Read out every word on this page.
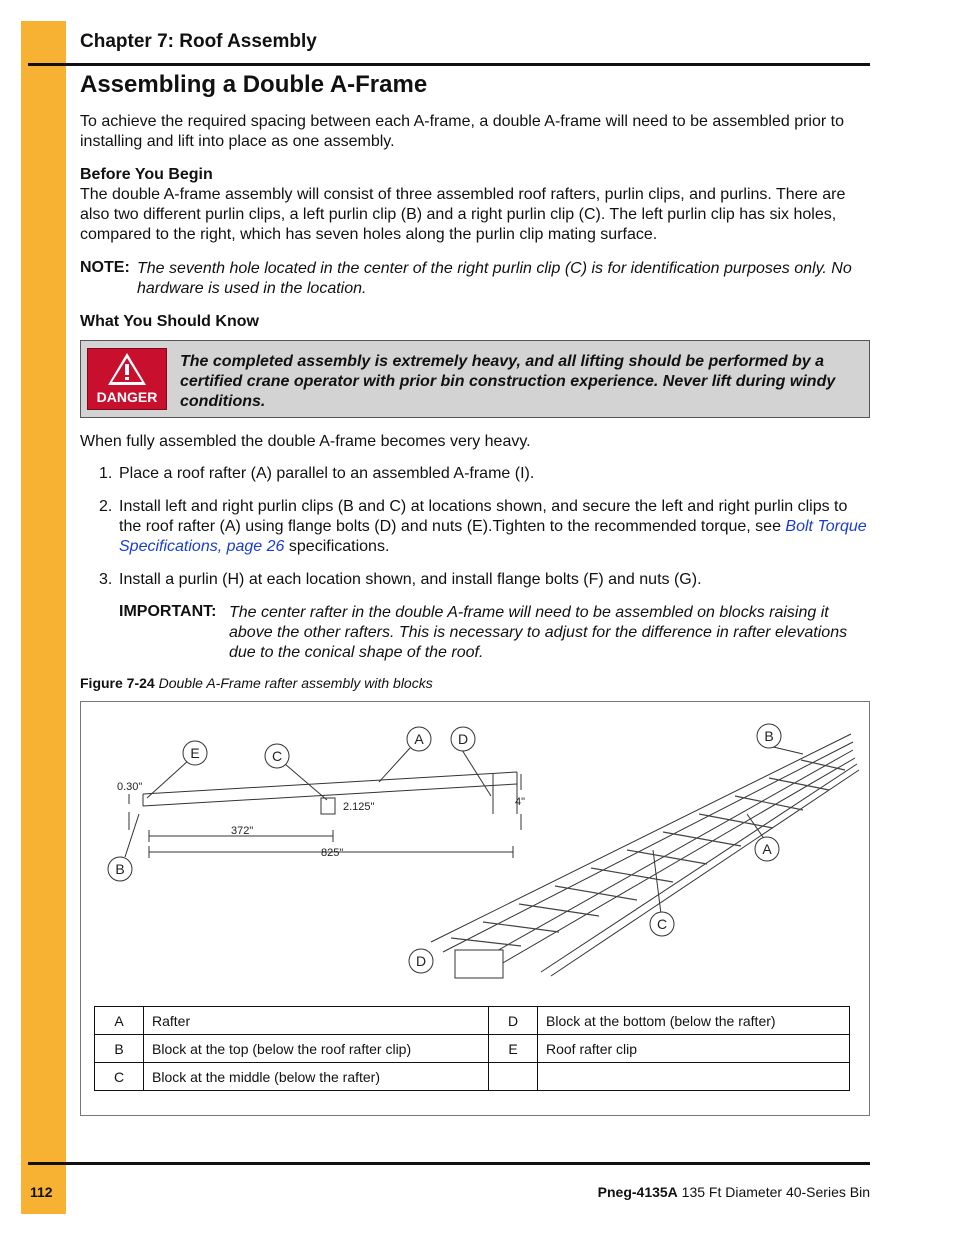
Chapter 7: Roof Assembly
Assembling a Double A-Frame
To achieve the required spacing between each A-frame, a double A-frame will need to be assembled prior to installing and lift into place as one assembly.
Before You Begin
The double A-frame assembly will consist of three assembled roof rafters, purlin clips, and purlins. There are also two different purlin clips, a left purlin clip (B) and a right purlin clip (C). The left purlin clip has six holes, compared to the right, which has seven holes along the purlin clip mating surface.
NOTE: The seventh hole located in the center of the right purlin clip (C) is for identification purposes only. No hardware is used in the location.
What You Should Know
DANGER
The completed assembly is extremely heavy, and all lifting should be performed by a certified crane operator with prior bin construction experience. Never lift during windy conditions.
When fully assembled the double A-frame becomes very heavy.
1. Place a roof rafter (A) parallel to an assembled A-frame (I).
2. Install left and right purlin clips (B and C) at locations shown, and secure the left and right purlin clips to the roof rafter (A) using flange bolts (D) and nuts (E).Tighten to the recommended torque, see Bolt Torque Specifications, page 26 specifications.
3. Install a purlin (H) at each location shown, and install flange bolts (F) and nuts (G).
IMPORTANT: The center rafter in the double A-frame will need to be assembled on blocks raising it above the other rafters. This is necessary to adjust for the difference in rafter elevations due to the conical shape of the roof.
Figure 7-24 Double A-Frame rafter assembly with blocks
E	C
A D
B
B
A
C
D
0.30"
2.125"	4"
372"
825"
A	Rafter	D	Block at the bottom (below the rafter)
B	Block at the top (below the roof rafter clip)	E	Roof rafter clip
C	Block at the middle (below the rafter)		
112	Pneg-4135A 135 Ft Diameter 40-Series Bin
